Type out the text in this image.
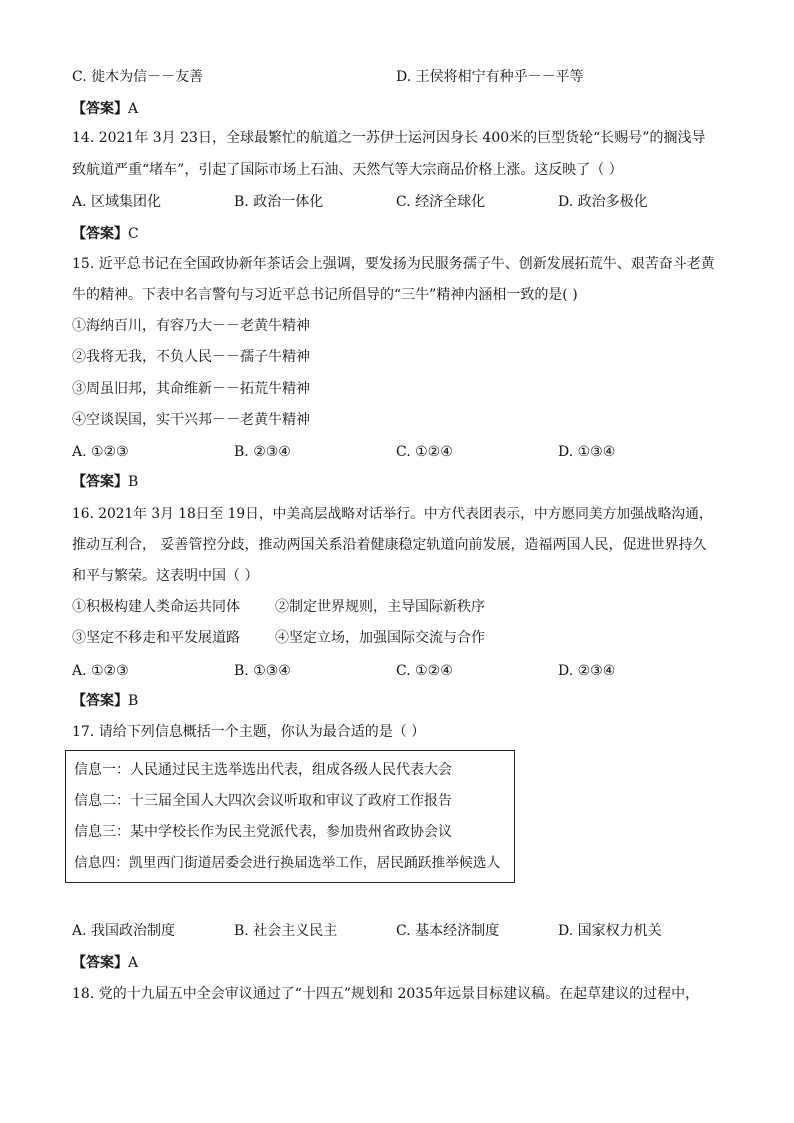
C. 徙木为信－－友善	D. 王侯将相宁有种乎－－平等
【答案】A
14. 2021年 3月 23日，全球最繁忙的航道之一苏伊士运河因身长 400米的巨型货轮“长赐号”的搁浅导
致航道严重“堵车”，引起了国际市场上石油、天然气等大宗商品价格上涨。这反映了（ ）
A. 区域集团化	B. 政治一体化	C. 经济全球化	D. 政治多极化
【答案】C
15. 近平总书记在全国政协新年茶话会上强调，要发扬为民服务孺子牛、创新发展拓荒牛、艰苦奋斗老黄
牛的精神。下表中名言警句与习近平总书记所倡导的“三牛”精神内涵相一致的是( )
①海纳百川，有容乃大－－老黄牛精神
②我将无我，不负人民－－孺子牛精神
③周虽旧邦，其命维新－－拓荒牛精神
④空谈误国，实干兴邦－－老黄牛精神
A. ①②③	B. ②③④	C. ①②④	D. ①③④
【答案】B
16. 2021年 3月 18日至 19日，中美高层战略对话举行。中方代表团表示，中方愿同美方加强战略沟通，
推动互利合， 妥善管控分歧，推动两国关系沿着健康稳定轨道向前发展，造福两国人民，促进世界持久
和平与繁荣。这表明中国（ ）
①积极构建人类命运共同体	②制定世界规则，主导国际新秩序
③坚定不移走和平发展道路	④坚定立场，加强国际交流与合作
A. ①②③	B. ①③④	C. ①②④	D. ②③④
【答案】B
17. 请给下列信息概括一个主题，你认为最合适的是（ ）
信息一：人民通过民主选举选出代表，组成各级人民代表大会
信息二：十三届全国人大四次会议听取和审议了政府工作报告
信息三：某中学校长作为民主党派代表，参加贵州省政协会议
信息四：凯里西门街道居委会进行换届选举工作，居民踊跃推举候选人
A. 我国政治制度	B. 社会主义民主	C. 基本经济制度	D. 国家权力机关
【答案】A
18. 党的十九届五中全会审议通过了“十四五”规划和 2035年远景目标建议稿。在起草建议的过程中，
